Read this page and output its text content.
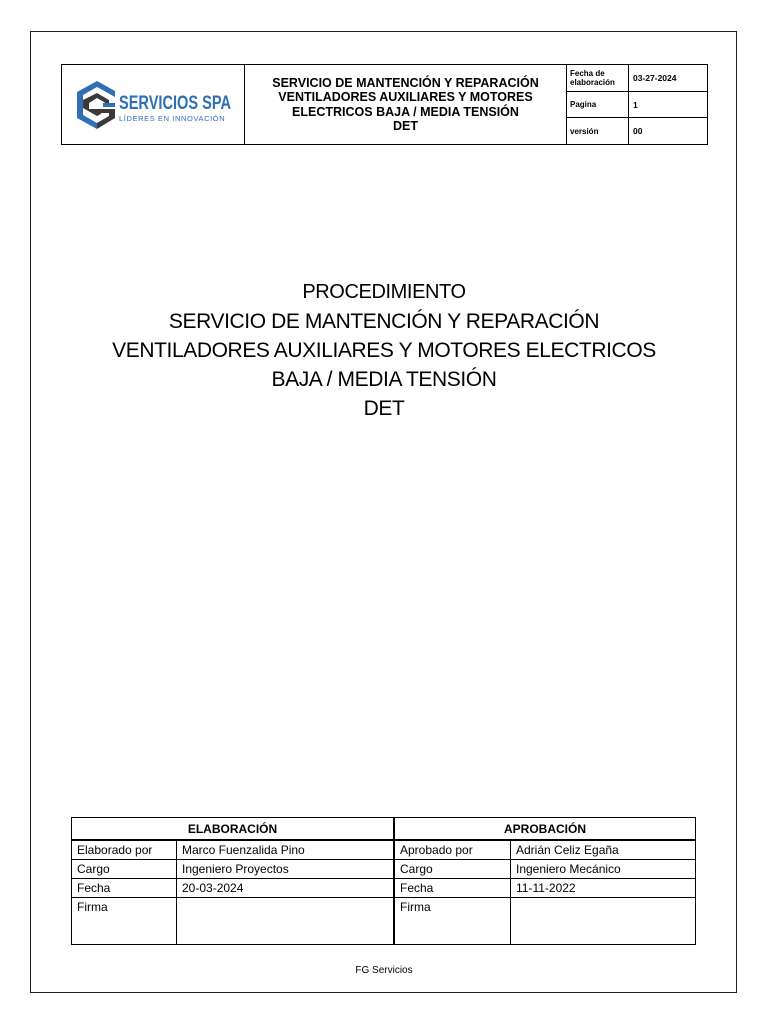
SERVICIOS SPA
LÍDERES EN INNOVACIÓN
SERVICIO DE MANTENCIÓN Y REPARACIÓN
VENTILADORES AUXILIARES Y MOTORES
ELECTRICOS BAJA / MEDIA TENSIÓN
DET
Fecha de elaboración	03-27-2024
Pagina	1
versión	00
PROCEDIMIENTO
SERVICIO DE MANTENCIÓN Y REPARACIÓN
VENTILADORES AUXILIARES Y MOTORES ELECTRICOS
BAJA / MEDIA TENSIÓN
DET
ELABORACIÓN		APROBACIÓN	
Elaborado por	Marco Fuenzalida Pino	Aprobado por	Adrián Celiz Egaña
Cargo	Ingeniero Proyectos	Cargo	Ingeniero Mecánico
Fecha	20-03-2024	Fecha	11-11-2022
Firma		Firma	
FG Servicios
